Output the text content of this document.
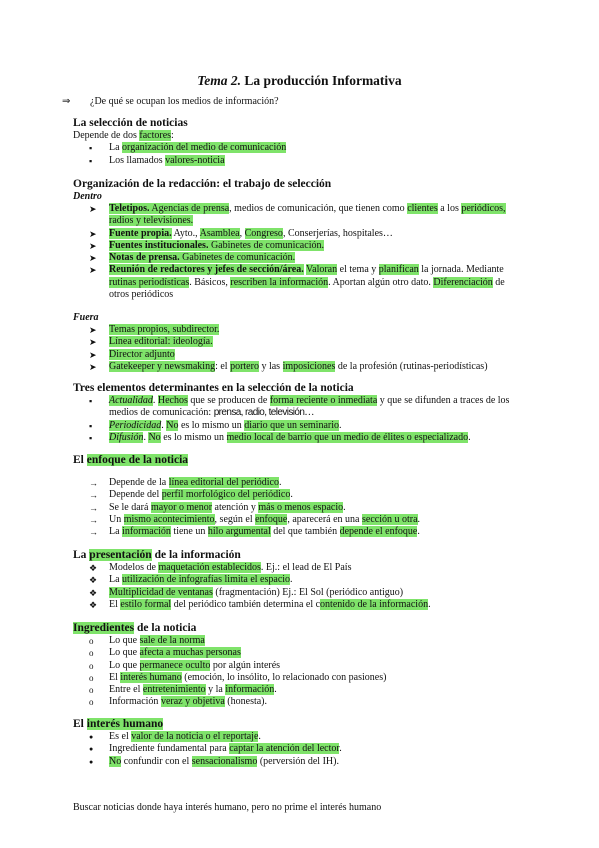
Tema 2. La producción Informativa
⇒ ¿De qué se ocupan los medios de información?
La selección de noticias

Depende de dos factores:

▪ La organización del medio de comunicación
▪ Los llamados valores-noticia
Organización de la redacción: el trabajo de selección
Dentro
➤ Teletipos. Agencias de prensa, medios de comunicación, que tienen como clientes a los periódicos,
radios y televisiones.
➤ Fuente propia. Ayto., Asamblea, Congreso, Conserjerías, hospitales…
➤ Fuentes institucionales. Gabinetes de comunicación.
➤ Notas de prensa. Gabinetes de comunicación.
➤ Reunión de redactores y jefes de sección/área. Valoran el tema y planifican la jornada. Mediante
rutinas periodísticas. Básicos, rescriben la información. Aportan algún otro dato. Diferenciación de
otros periódicos
Fuera
➤ Temas propios, subdirector.
➤ Línea editorial: ideología.
➤ Director adjunto
➤ Gatekeeper y newsmaking: el portero y las imposiciones de la profesión (rutinas-periodísticas)
Tres elementos determinantes en la selección de la noticia
▪ Actualidad. Hechos que se producen de forma reciente o inmediata y que se difunden a traces de los
medios de comunicación: prensa, radio, televisión…
▪ Periodicidad. No es lo mismo un diario que un seminario.
▪ Difusión. No es lo mismo un medio local de barrio que un medio de élites o especializado.
El enfoque de la noticia
→ Depende de la línea editorial del periódico.
→ Depende del perfil morfológico del periódico.
→ Se le dará mayor o menor atención y más o menos espacio.
→ Un mismo acontecimiento, según el enfoque, aparecerá en una sección u otra.
→ La información tiene un hilo argumental del que también depende el enfoque.
La presentación de la información
❖ Modelos de maquetación establecidos. Ej.: el lead de El País
❖ La utilización de infografías limita el espacio.
❖ Multiplicidad de ventanas (fragmentación) Ej.: El Sol (periódico antiguo)
❖ El estilo formal del periódico también determina el contenido de la información.
Ingredientes de la noticia
o Lo que sale de la norma
o Lo que afecta a muchas personas
o Lo que permanece oculto por algún interés
o El interés humano (emoción, lo insólito, lo relacionado con pasiones)
o Entre el entretenimiento y la información.
o Información veraz y objetiva (honesta).
El interés humano
● Es el valor de la noticia o el reportaje.
● Ingrediente fundamental para captar la atención del lector.
● No confundir con el sensacionalismo (perversión del IH).
Buscar noticias donde haya interés humano, pero no prime el interés humano
